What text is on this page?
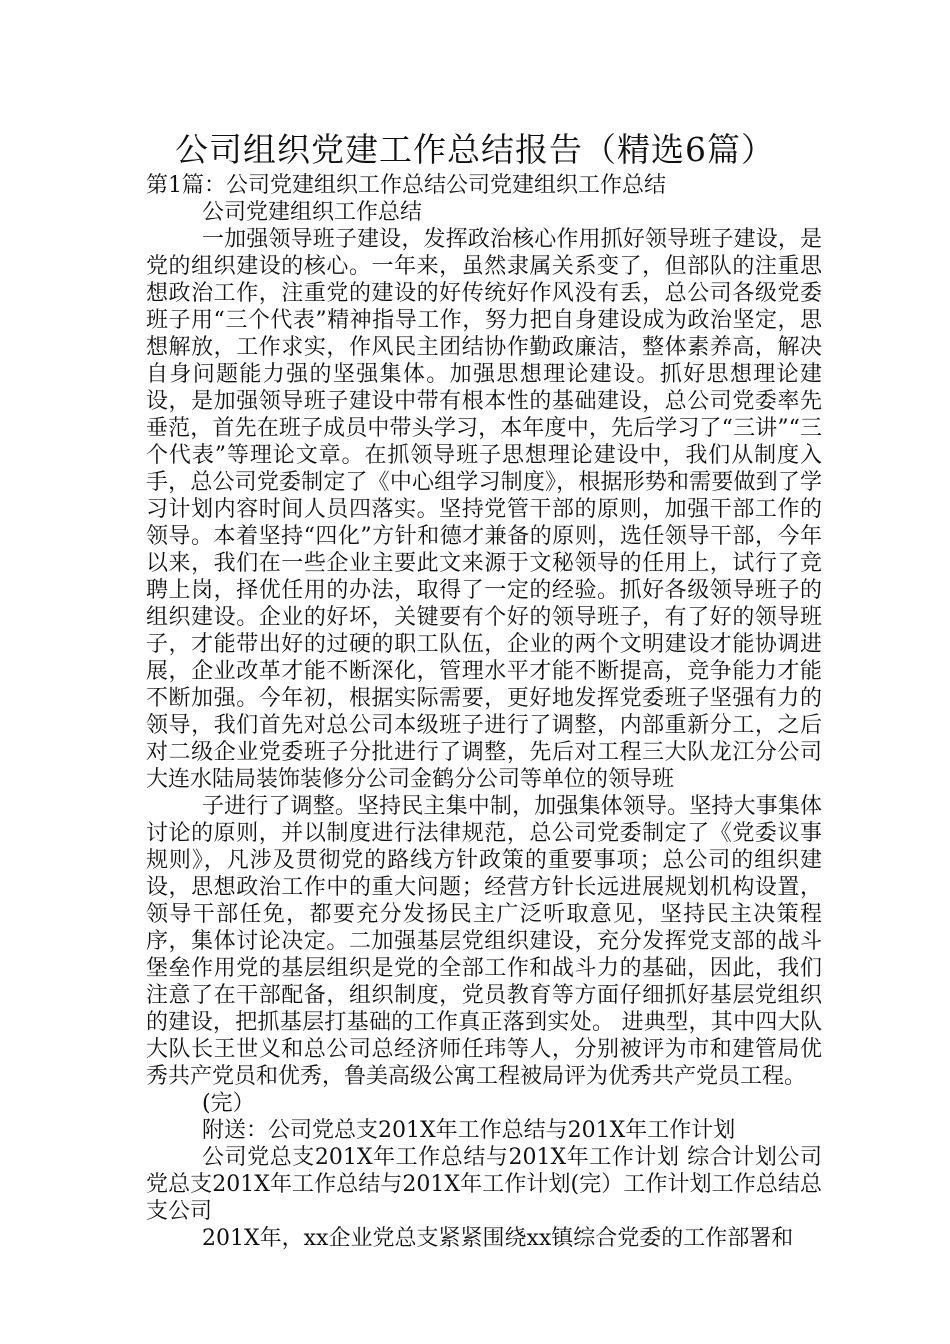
公司组织党建工作总结报告（精选6篇）

第1篇：公司党建组织工作总结公司党建组织工作总结

公司党建组织工作总结

一加强领导班子建设，发挥政治核心作用抓好领导班子建设，是党的组织建设的核心。一年来，虽然隶属关系变了，但部队的注重思想政治工作，注重党的建设的好传统好作风没有丢，总公司各级党委班子用“三个代表”精神指导工作，努力把自身建设成为政治坚定，思想解放，工作求实，作风民主团结协作勤政廉洁，整体素养高，解决自身问题能力强的坚强集体。加强思想理论建设。抓好思想理论建设，是加强领导班子建设中带有根本性的基础建设，总公司党委率先垂范，首先在班子成员中带头学习，本年度中，先后学习了“三讲”“三个代表”等理论文章。在抓领导班子思想理论建设中，我们从制度入手，总公司党委制定了《中心组学习制度》，根据形势和需要做到了学习计划内容时间人员四落实。坚持党管干部的原则，加强干部工作的领导。本着坚持“四化”方针和德才兼备的原则，选任领导干部，今年以来，我们在一些企业主要此文来源于文秘领导的任用上，试行了竞聘上岗，择优任用的办法，取得了一定的经验。抓好各级领导班子的组织建设。企业的好坏，关键要有个好的领导班子，有了好的领导班子，才能带出好的过硬的职工队伍，企业的两个文明建设才能协调进展，企业改革才能不断深化，管理水平才能不断提高，竞争能力才能不断加强。今年初，根据实际需要，更好地发挥党委班子坚强有力的领导，我们首先对总公司本级班子进行了调整，内部重新分工，之后对二级企业党委班子分批进行了调整，先后对工程三大队龙江分公司大连水陆局装饰装修分公司金鹤分公司等单位的领导班

子进行了调整。坚持民主集中制，加强集体领导。坚持大事集体讨论的原则，并以制度进行法律规范，总公司党委制定了《党委议事规则》，凡涉及贯彻党的路线方针政策的重要事项；总公司的组织建设，思想政治工作中的重大问题；经营方针长远进展规划机构设置，领导干部任免，都要充分发扬民主广泛听取意见，坚持民主决策程序，集体讨论决定。二加强基层党组织建设，充分发挥党支部的战斗堡垒作用党的基层组织是党的全部工作和战斗力的基础，因此，我们注意了在干部配备，组织制度，党员教育等方面仔细抓好基层党组织的建设，把抓基层打基础的工作真正落到实处。 进典型，其中四大队大队长王世义和总公司总经济师任玮等人，分别被评为市和建管局优秀共产党员和优秀，鲁美高级公寓工程被局评为优秀共产党员工程。

(完）

附送：公司党总支201X年工作总结与201X年工作计划

公司党总支201X年工作总结与201X年工作计划 综合计划公司党总支201X年工作总结与201X年工作计划(完）工作计划工作总结总支公司

201X年，xx企业党总支紧紧围绕xx镇综合党委的工作部署和
